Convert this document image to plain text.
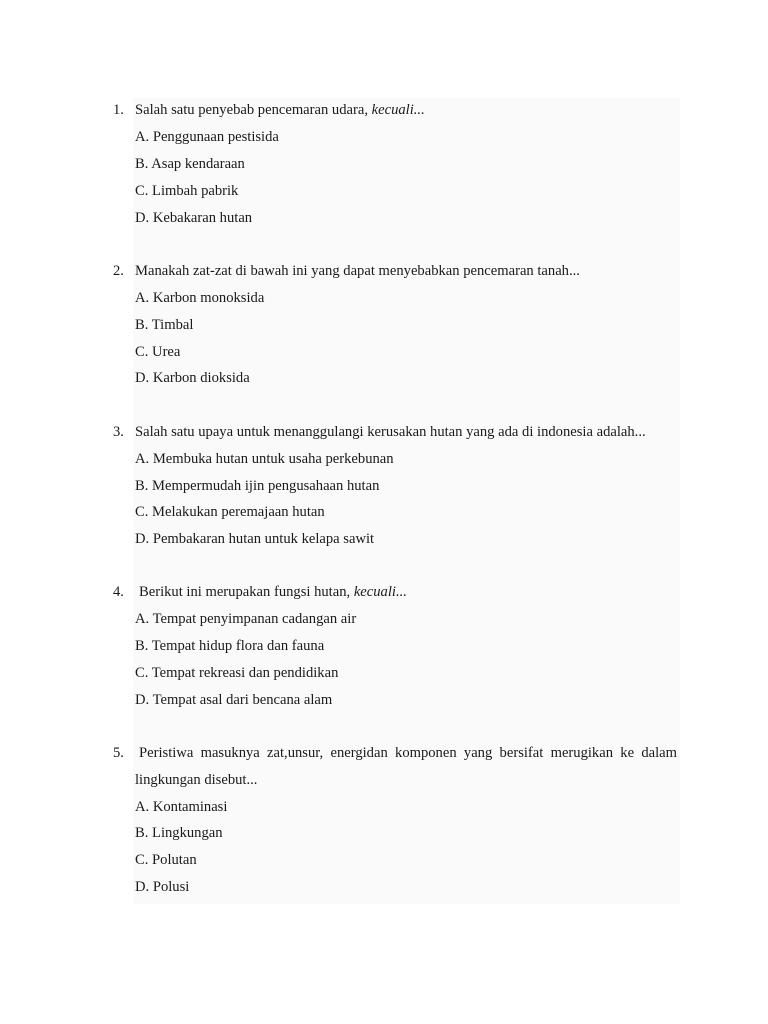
1. Salah satu penyebab pencemaran udara, kecuali...
A. Penggunaan pestisida
B. Asap kendaraan
C. Limbah pabrik
D. Kebakaran hutan
2. Manakah zat-zat di bawah ini yang dapat menyebabkan pencemaran tanah...
A. Karbon monoksida
B. Timbal
C. Urea
D. Karbon dioksida
3. Salah satu upaya untuk menanggulangi kerusakan hutan yang ada di indonesia adalah...
A. Membuka hutan untuk usaha perkebunan
B. Mempermudah ijin pengusahaan hutan
C. Melakukan peremajaan hutan
D. Pembakaran hutan untuk kelapa sawit
4. Berikut ini merupakan fungsi hutan, kecuali...
A. Tempat penyimpanan cadangan air
B. Tempat hidup flora dan fauna
C. Tempat rekreasi dan pendidikan
D. Tempat asal dari bencana alam
5. Peristiwa masuknya zat,unsur, energidan komponen yang bersifat merugikan ke dalam
lingkungan disebut...
A. Kontaminasi
B. Lingkungan
C. Polutan
D. Polusi
